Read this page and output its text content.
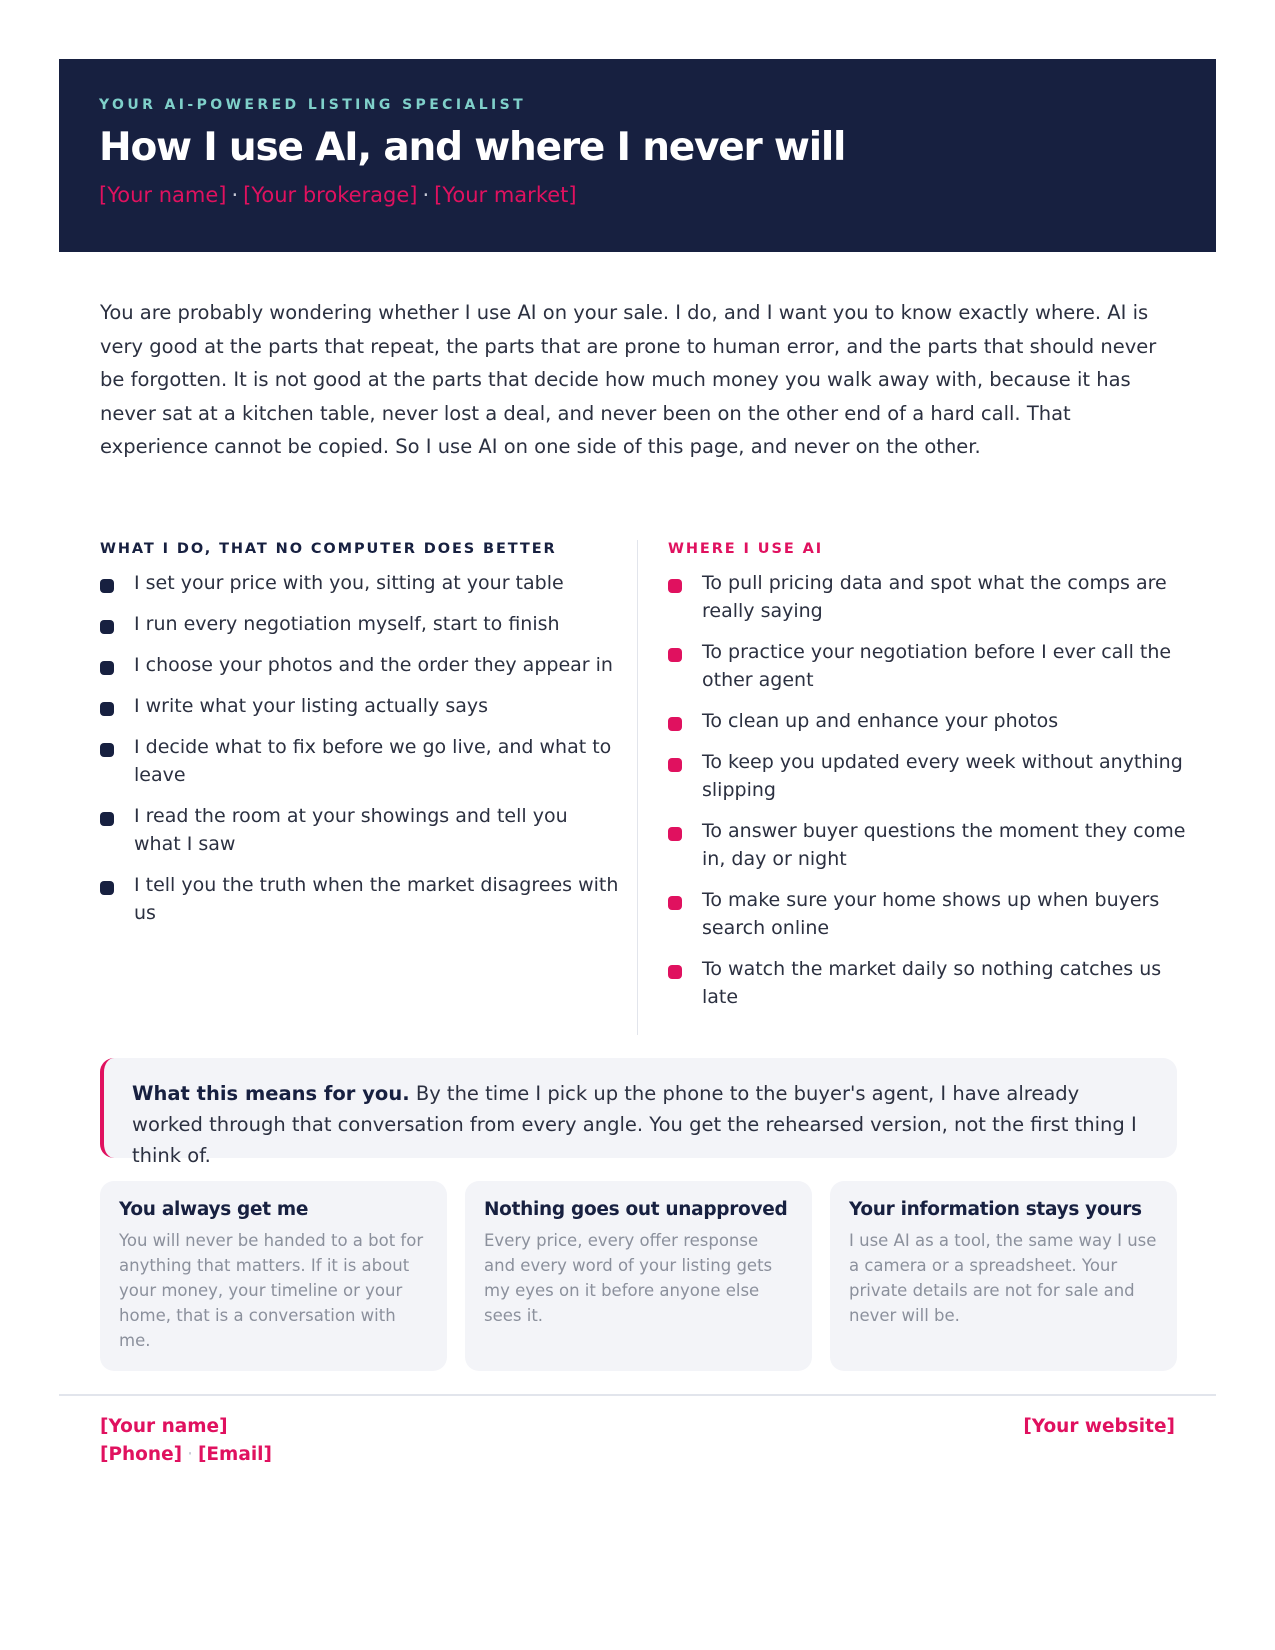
YOUR AI-POWERED LISTING SPECIALIST
How I use AI, and where I never will
[Your name] · [Your brokerage] · [Your market]
You are probably wondering whether I use AI on your sale. I do, and I want you to know exactly where. AI is very good at the parts that repeat, the parts that are prone to human error, and the parts that should never be forgotten. It is not good at the parts that decide how much money you walk away with, because it has never sat at a kitchen table, never lost a deal, and never been on the other end of a hard call. That experience cannot be copied. So I use AI on one side of this page, and never on the other.
WHAT I DO, THAT NO COMPUTER DOES BETTER
I set your price with you, sitting at your table
I run every negotiation myself, start to finish
I choose your photos and the order they appear in
I write what your listing actually says
I decide what to fix before we go live, and what to leave
I read the room at your showings and tell you what I saw
I tell you the truth when the market disagrees with us
WHERE I USE AI
To pull pricing data and spot what the comps are really saying
To practice your negotiation before I ever call the other agent
To clean up and enhance your photos
To keep you updated every week without anything slipping
To answer buyer questions the moment they come in, day or night
To make sure your home shows up when buyers search online
To watch the market daily so nothing catches us late
What this means for you. By the time I pick up the phone to the buyer's agent, I have already worked through that conversation from every angle. You get the rehearsed version, not the first thing I think of.
You always get me
You will never be handed to a bot for anything that matters. If it is about your money, your timeline or your home, that is a conversation with me.
Nothing goes out unapproved
Every price, every offer response and every word of your listing gets my eyes on it before anyone else sees it.
Your information stays yours
I use AI as a tool, the same way I use a camera or a spreadsheet. Your private details are not for sale and never will be.
[Your name]
[Phone] · [Email]
[Your website]
